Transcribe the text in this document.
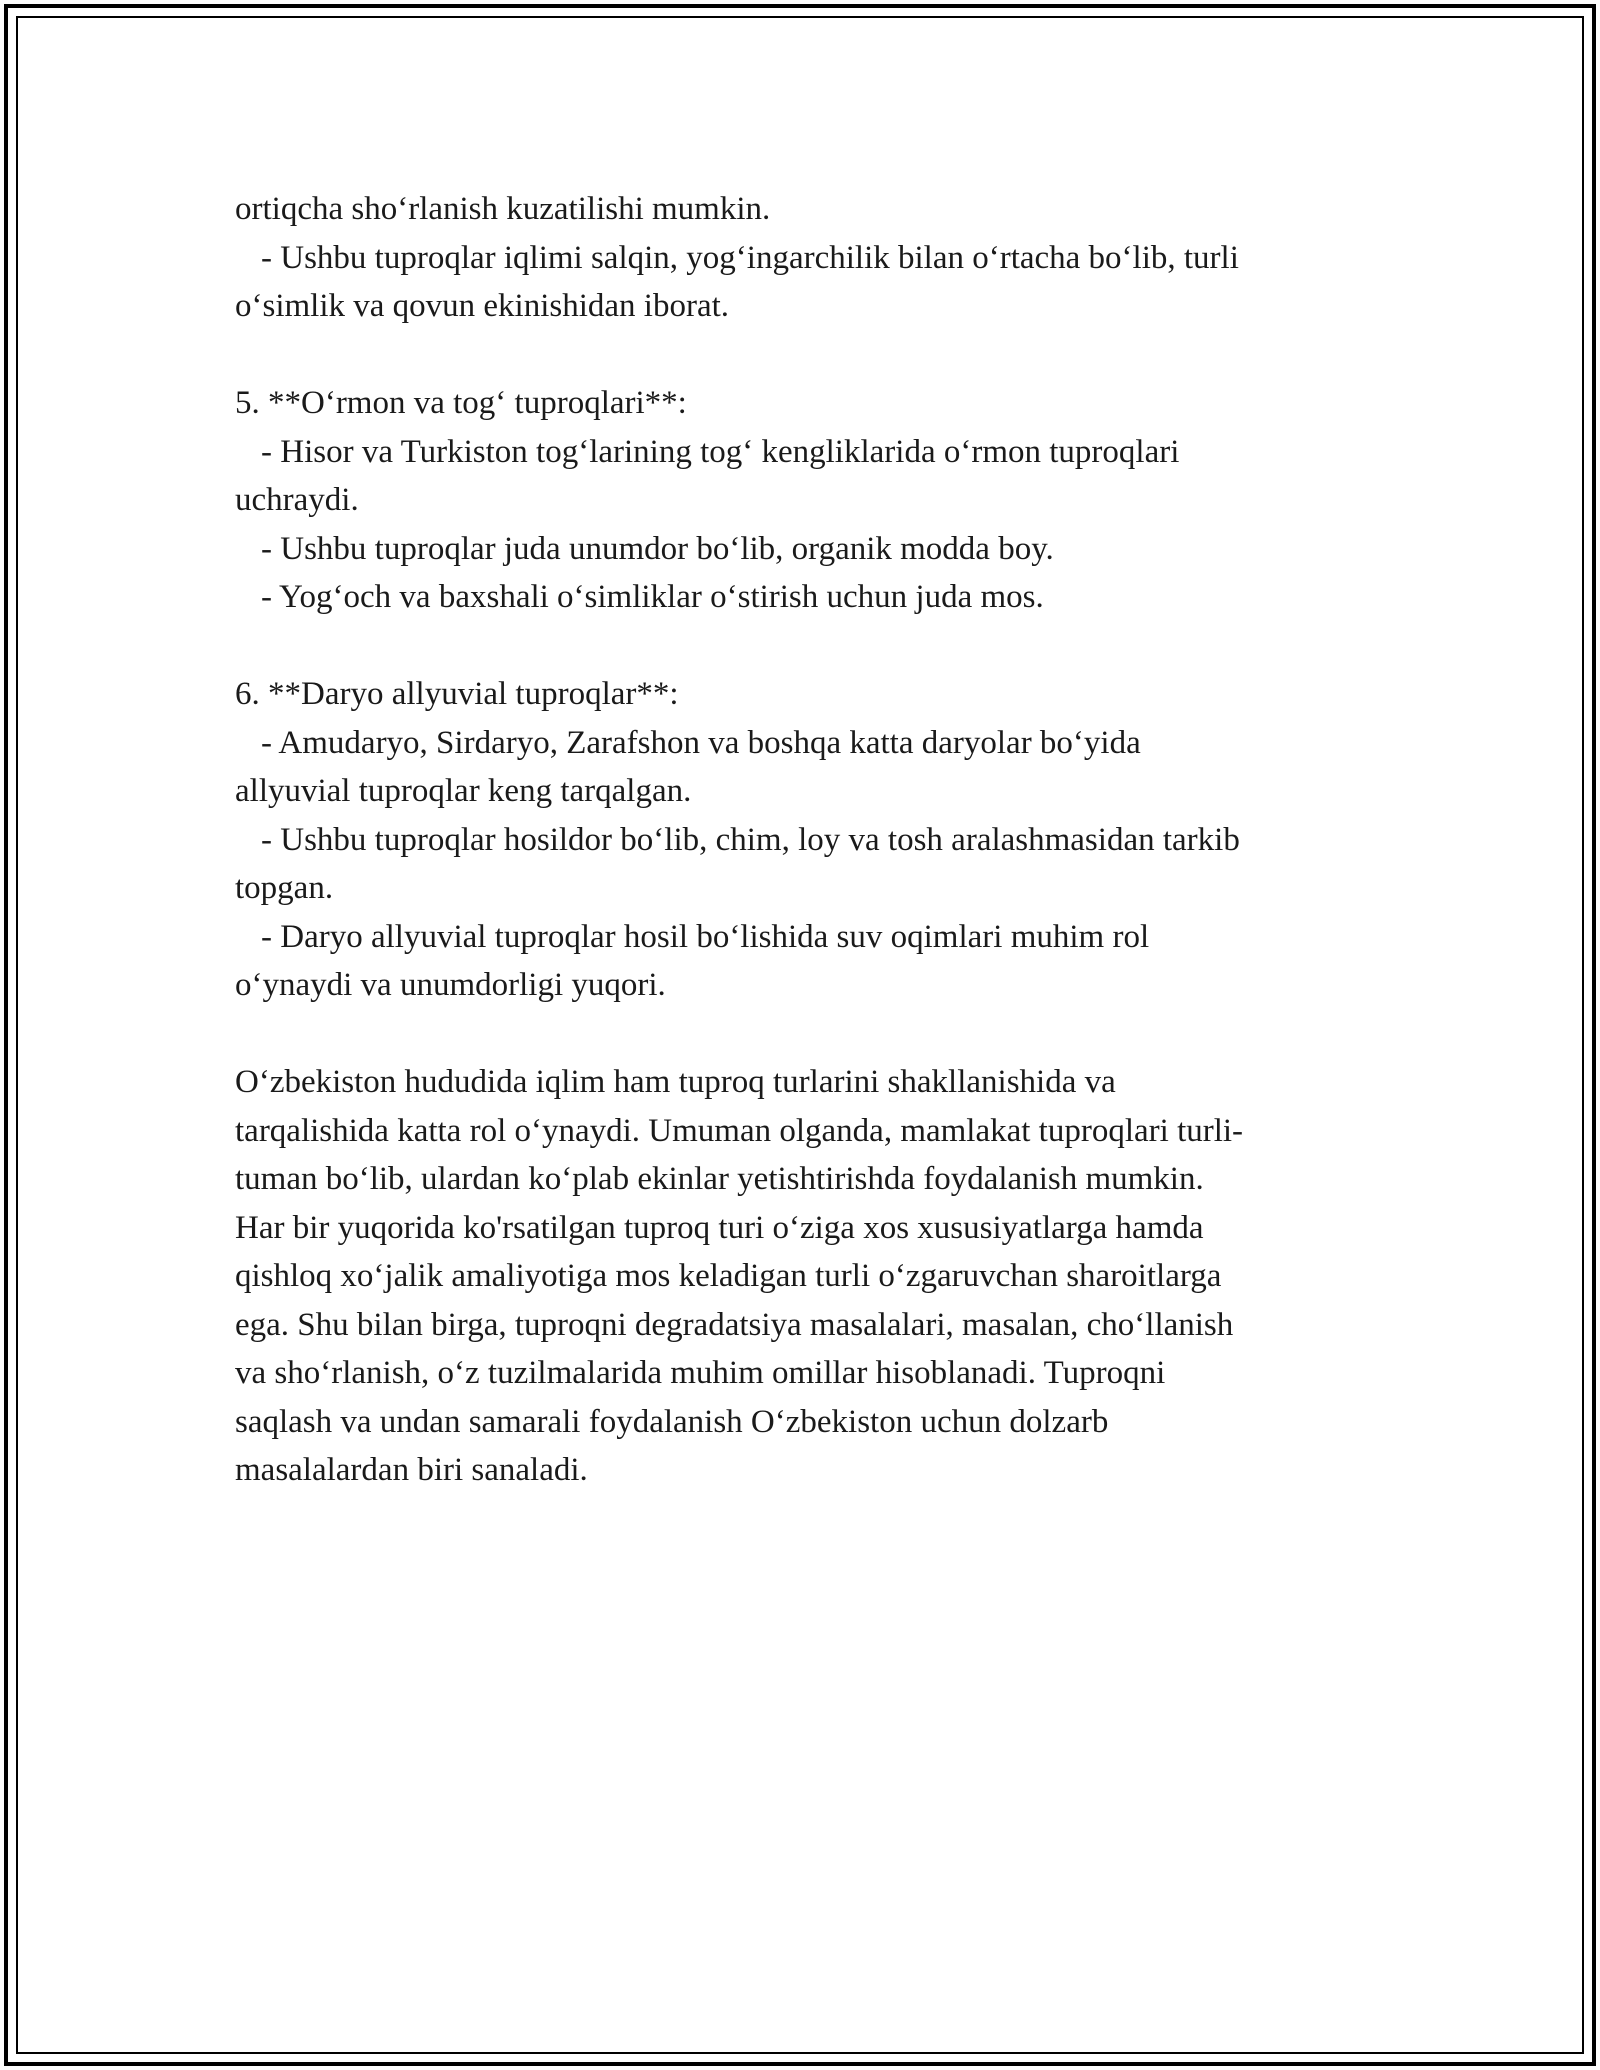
ortiqcha sho‘rlanish kuzatilishi mumkin.
- Ushbu tuproqlar iqlimi salqin, yog‘ingarchilik bilan o‘rtacha bo‘lib, turli
o‘simlik va qovun ekinishidan iborat.
5. **O‘rmon va tog‘ tuproqlari**:
- Hisor va Turkiston tog‘larining tog‘ kengliklarida o‘rmon tuproqlari
uchraydi.
- Ushbu tuproqlar juda unumdor bo‘lib, organik modda boy.
- Yog‘och va baxshali o‘simliklar o‘stirish uchun juda mos.
6. **Daryo allyuvial tuproqlar**:
- Amudaryo, Sirdaryo, Zarafshon va boshqa katta daryolar bo‘yida
allyuvial tuproqlar keng tarqalgan.
- Ushbu tuproqlar hosildor bo‘lib, chim, loy va tosh aralashmasidan tarkib
topgan.
- Daryo allyuvial tuproqlar hosil bo‘lishida suv oqimlari muhim rol
o‘ynaydi va unumdorligi yuqori.
O‘zbekiston hududida iqlim ham tuproq turlarini shakllanishida va
tarqalishida katta rol o‘ynaydi. Umuman olganda, mamlakat tuproqlari turli-
tuman bo‘lib, ulardan ko‘plab ekinlar yetishtirishda foydalanish mumkin.
Har bir yuqorida ko'rsatilgan tuproq turi o‘ziga xos xususiyatlarga hamda
qishloq xo‘jalik amaliyotiga mos keladigan turli o‘zgaruvchan sharoitlarga
ega. Shu bilan birga, tuproqni degradatsiya masalalari, masalan, cho‘llanish
va sho‘rlanish, o‘z tuzilmalarida muhim omillar hisoblanadi. Tuproqni
saqlash va undan samarali foydalanish O‘zbekiston uchun dolzarb
masalalardan biri sanaladi.
